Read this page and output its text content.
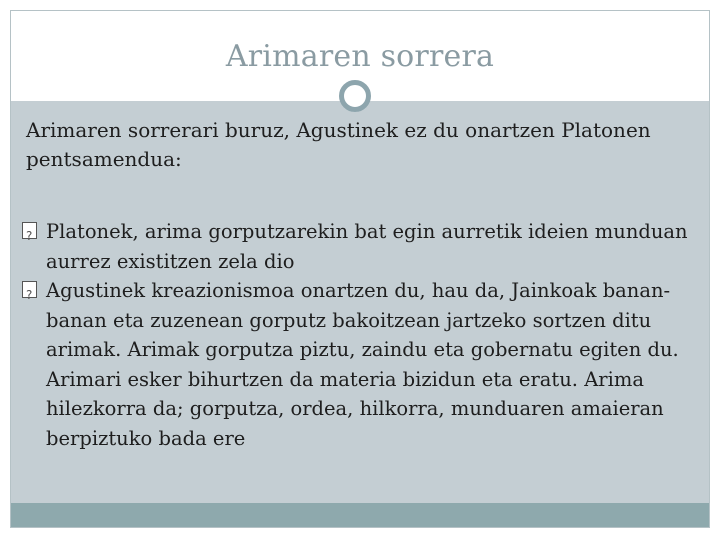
Arimaren sorrera

Arimaren sorrerari buruz, Agustinek ez du onartzen Platonen pentsamendua:

?
Platonek, arima gorputzarekin bat egin aurretik ideien munduan aurrez existitzen zela dio
?
Agustinek kreazionismoa onartzen du, hau da, Jainkoak banan-banan eta zuzenean gorputz bakoitzean jartzeko sortzen ditu arimak. Arimak gorputza piztu, zaindu eta gobernatu egiten du. Arimari esker bihurtzen da materia bizidun eta eratu. Arima hilezkorra da; gorputza, ordea, hilkorra, munduaren amaieran berpiztuko bada ere
